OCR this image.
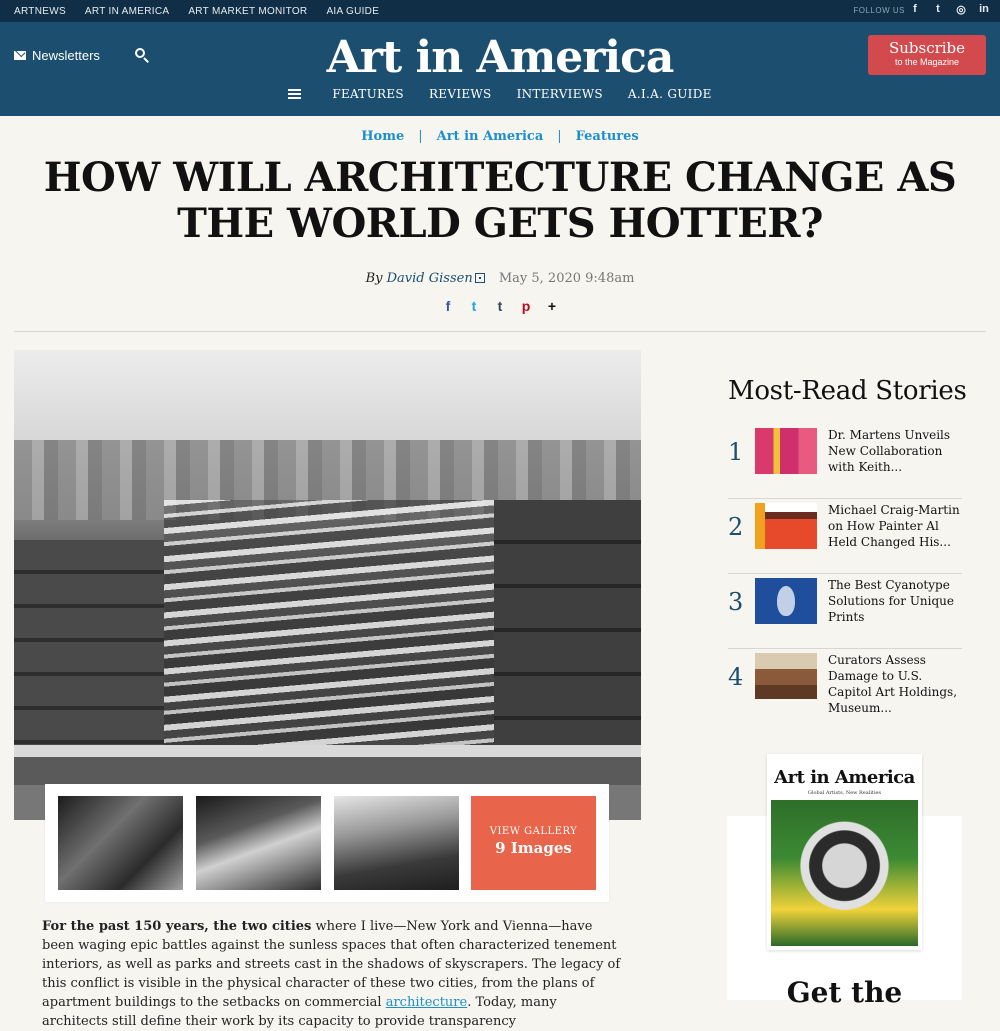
ARTNEWS ART IN AMERICA ART MARKET MONITOR AIA GUIDE	FOLLOW US f	t	◎ in
Newsletters	Art in America	Subscribe
to the Magazine
FEATURES REVIEWS INTERVIEWS A.I.A. GUIDE
Home | Art in America | Features
HOW WILL ARCHITECTURE CHANGE AS THE WORLD GETS HOTTER?
By David Gissen May 5, 2020 9:48am
f t t p +
VIEW GALLERY
9 Images

For the past 150 years, the two cities where I live—New York and Vienna—have been waging epic battles against the sunless spaces that often characterized tenement interiors, as well as parks and streets cast in the shadows of skyscrapers. The legacy of this conflict is visible in the physical character of these two cities, from the plans of apartment buildings to the setbacks on commercial architecture. Today, many architects still define their work by its capacity to provide transparency

Most-Read Stories
1
Dr. Martens Unveils New Collaboration with Keith...
2
Michael Craig-Martin on How Painter Al Held Changed His...
3
The Best Cyanotype Solutions for Unique Prints
4
Curators Assess Damage to U.S. Capitol Art Holdings, Museum...
Art in America
Global Artists, New Realities
Get the
